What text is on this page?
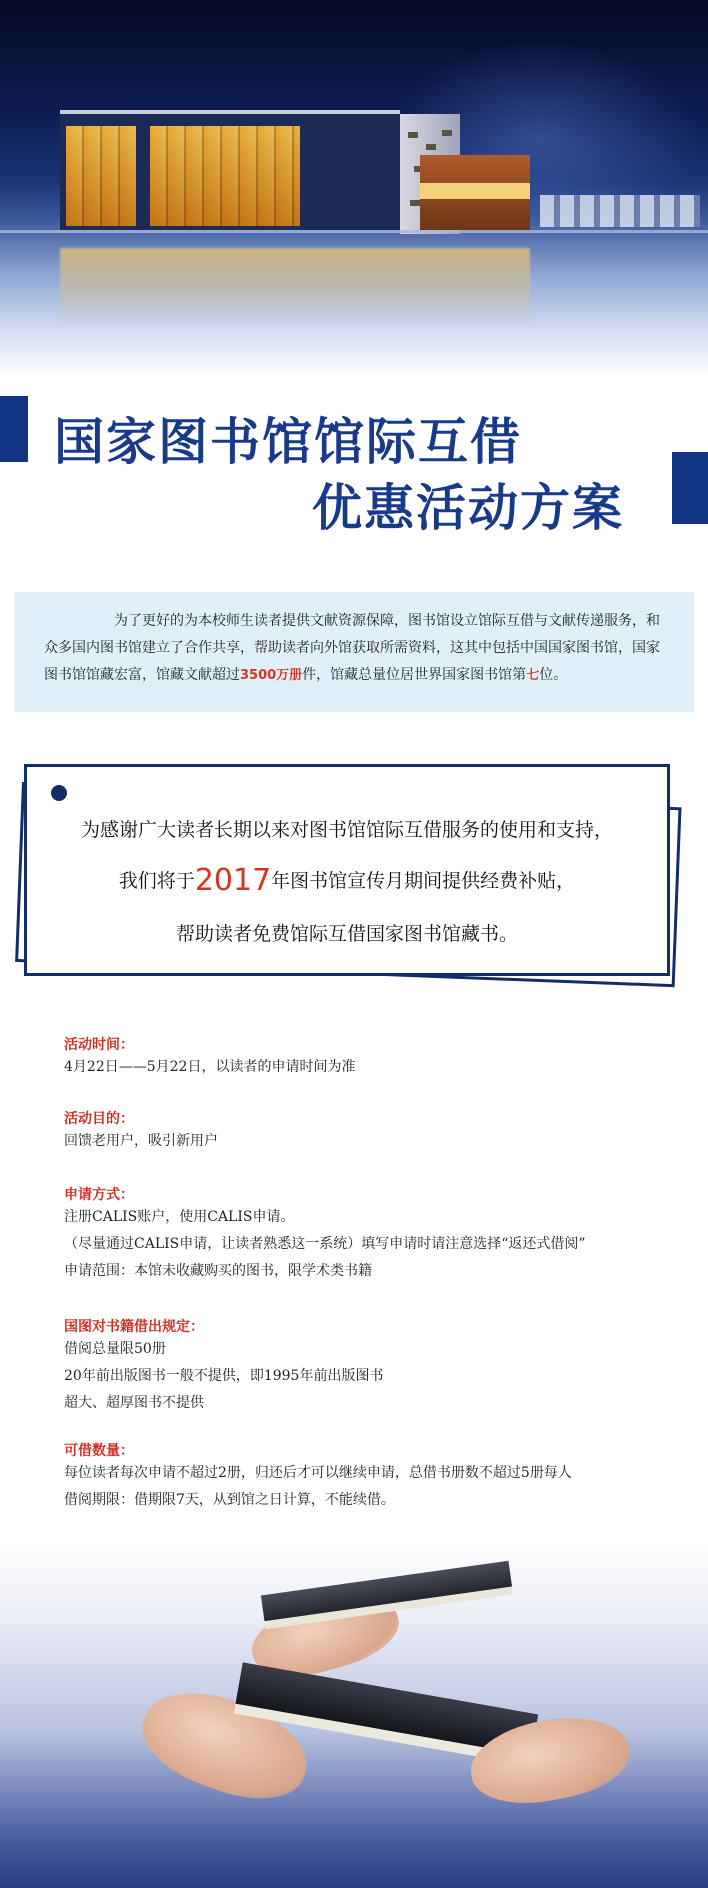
国家图书馆馆际互借
优惠活动方案
为了更好的为本校师生读者提供文献资源保障，图书馆设立馆际互借与文献传递服务，和众多国内图书馆建立了合作共享，帮助读者向外馆获取所需资料，这其中包括中国国家图书馆，国家图书馆馆藏宏富，馆藏文献超过3500万册件，馆藏总量位居世界国家图书馆第七位。
为感谢广大读者长期以来对图书馆馆际互借服务的使用和支持，
我们将于2017年图书馆宣传月期间提供经费补贴，
帮助读者免费馆际互借国家图书馆藏书。
活动时间：
4月22日——5月22日，以读者的申请时间为准
活动目的：
回馈老用户，吸引新用户
申请方式：
注册CALIS账户，使用CALIS申请。
（尽量通过CALIS申请，让读者熟悉这一系统）填写申请时请注意选择“返还式借阅”
申请范围：本馆未收藏购买的图书，限学术类书籍
国图对书籍借出规定：
借阅总量限50册
20年前出版图书一般不提供，即1995年前出版图书
超大、超厚图书不提供
可借数量：
每位读者每次申请不超过2册，归还后才可以继续申请，总借书册数不超过5册每人
借阅期限：借期限7天，从到馆之日计算，不能续借。
